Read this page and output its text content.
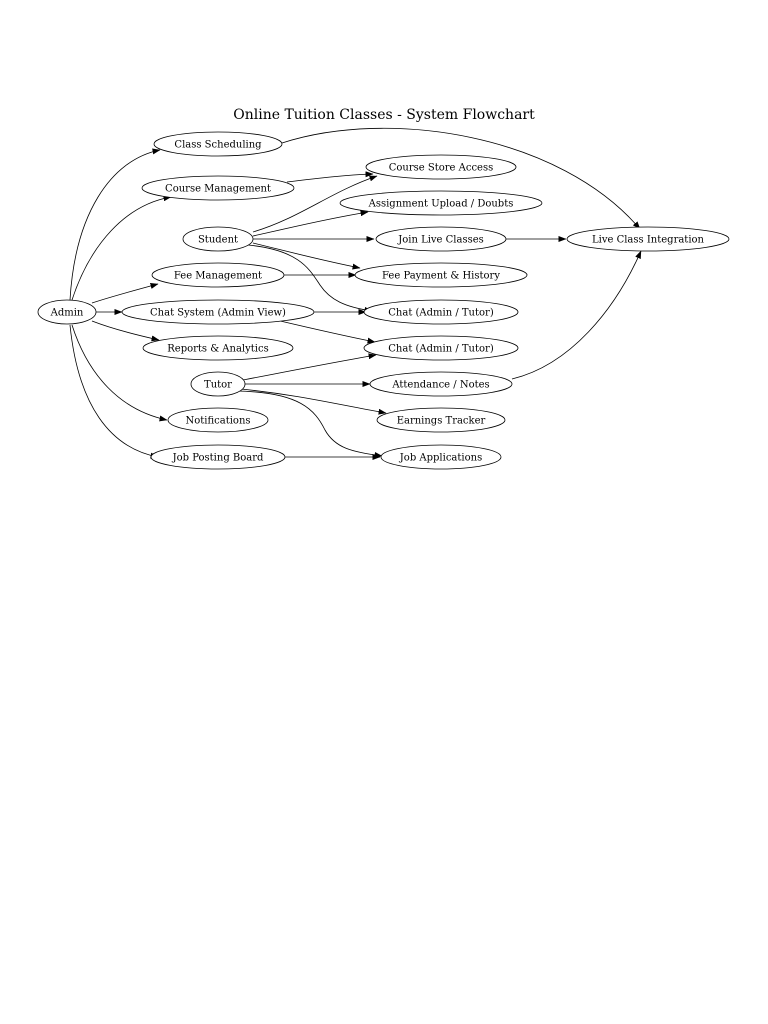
Online Tuition Classes - System Flowchart
Admin
Class Scheduling
Course Management
Student
Fee Management
Chat System (Admin View)
Reports & Analytics
Tutor
Notifications
Job Posting Board
Course Store Access
Assignment Upload / Doubts
Join Live Classes
Fee Payment & History
Chat (Admin / Tutor)
Chat (Admin / Tutor)
Attendance / Notes
Earnings Tracker
Job Applications
Live Class Integration
